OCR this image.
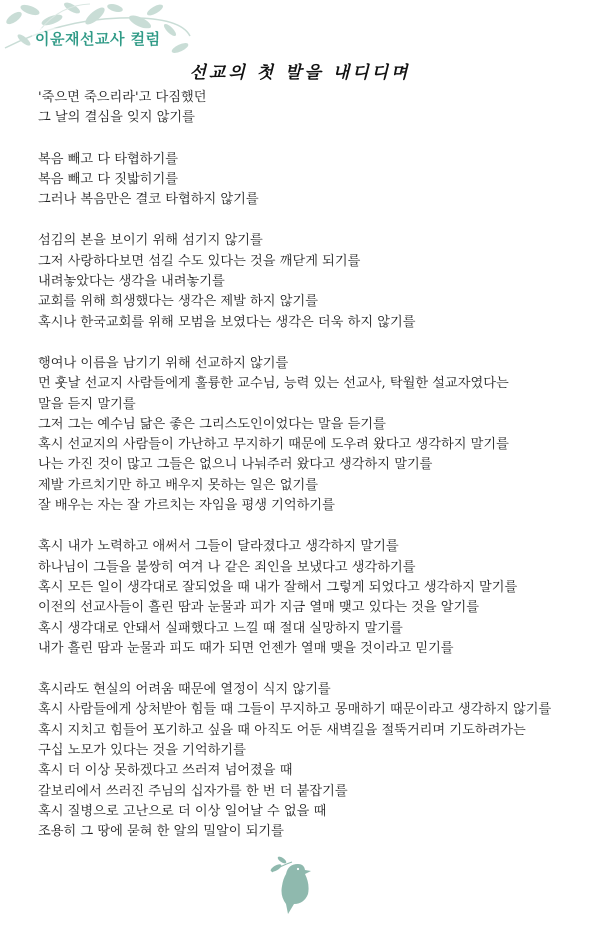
이윤재선교사 컬럼
선교의 첫 발을 내디디며

'죽으면 죽으리라'고 다짐했던

그 날의 결심을 잊지 않기를

복음 빼고 다 타협하기를

복음 빼고 다 짓밟히기를

그러나 복음만은 결코 타협하지 않기를

섬김의 본을 보이기 위해 섬기지 않기를

그저 사랑하다보면 섬길 수도 있다는 것을 깨닫게 되기를

내려놓았다는 생각을 내려놓기를

교회를 위해 희생했다는 생각은 제발 하지 않기를

혹시나 한국교회를 위해 모범을 보였다는 생각은 더욱 하지 않기를

행여나 이름을 남기기 위해 선교하지 않기를

먼 훗날 선교지 사람들에게 훌륭한 교수님, 능력 있는 선교사, 탁월한 설교자였다는

말을 듣지 말기를

그저 그는 예수님 닮은 좋은 그리스도인이었다는 말을 듣기를

혹시 선교지의 사람들이 가난하고 무지하기 때문에 도우려 왔다고 생각하지 말기를

나는 가진 것이 많고 그들은 없으니 나눠주러 왔다고 생각하지 말기를

제발 가르치기만 하고 배우지 못하는 일은 없기를

잘 배우는 자는 잘 가르치는 자임을 평생 기억하기를

혹시 내가 노력하고 애써서 그들이 달라졌다고 생각하지 말기를

하나님이 그들을 불쌍히 여겨 나 같은 죄인을 보냈다고 생각하기를

혹시 모든 일이 생각대로 잘되었을 때 내가 잘해서 그렇게 되었다고 생각하지 말기를

이전의 선교사들이 흘린 땀과 눈물과 피가 지금 열매 맺고 있다는 것을 알기를

혹시 생각대로 안돼서 실패했다고 느낄 때 절대 실망하지 말기를

내가 흘린 땀과 눈물과 피도 때가 되면 언젠가 열매 맺을 것이라고 믿기를

혹시라도 현실의 어려움 때문에 열정이 식지 않기를

혹시 사람들에게 상처받아 힘들 때 그들이 무지하고 몽매하기 때문이라고 생각하지 않기를

혹시 지치고 힘들어 포기하고 싶을 때 아직도 어둔 새벽길을 절뚝거리며 기도하려가는

구십 노모가 있다는 것을 기억하기를

혹시 더 이상 못하겠다고 쓰러져 넘어졌을 때

갈보리에서 쓰러진 주님의 십자가를 한 번 더 붙잡기를

혹시 질병으로 고난으로 더 이상 일어날 수 없을 때

조용히 그 땅에 묻혀 한 알의 밀알이 되기를
